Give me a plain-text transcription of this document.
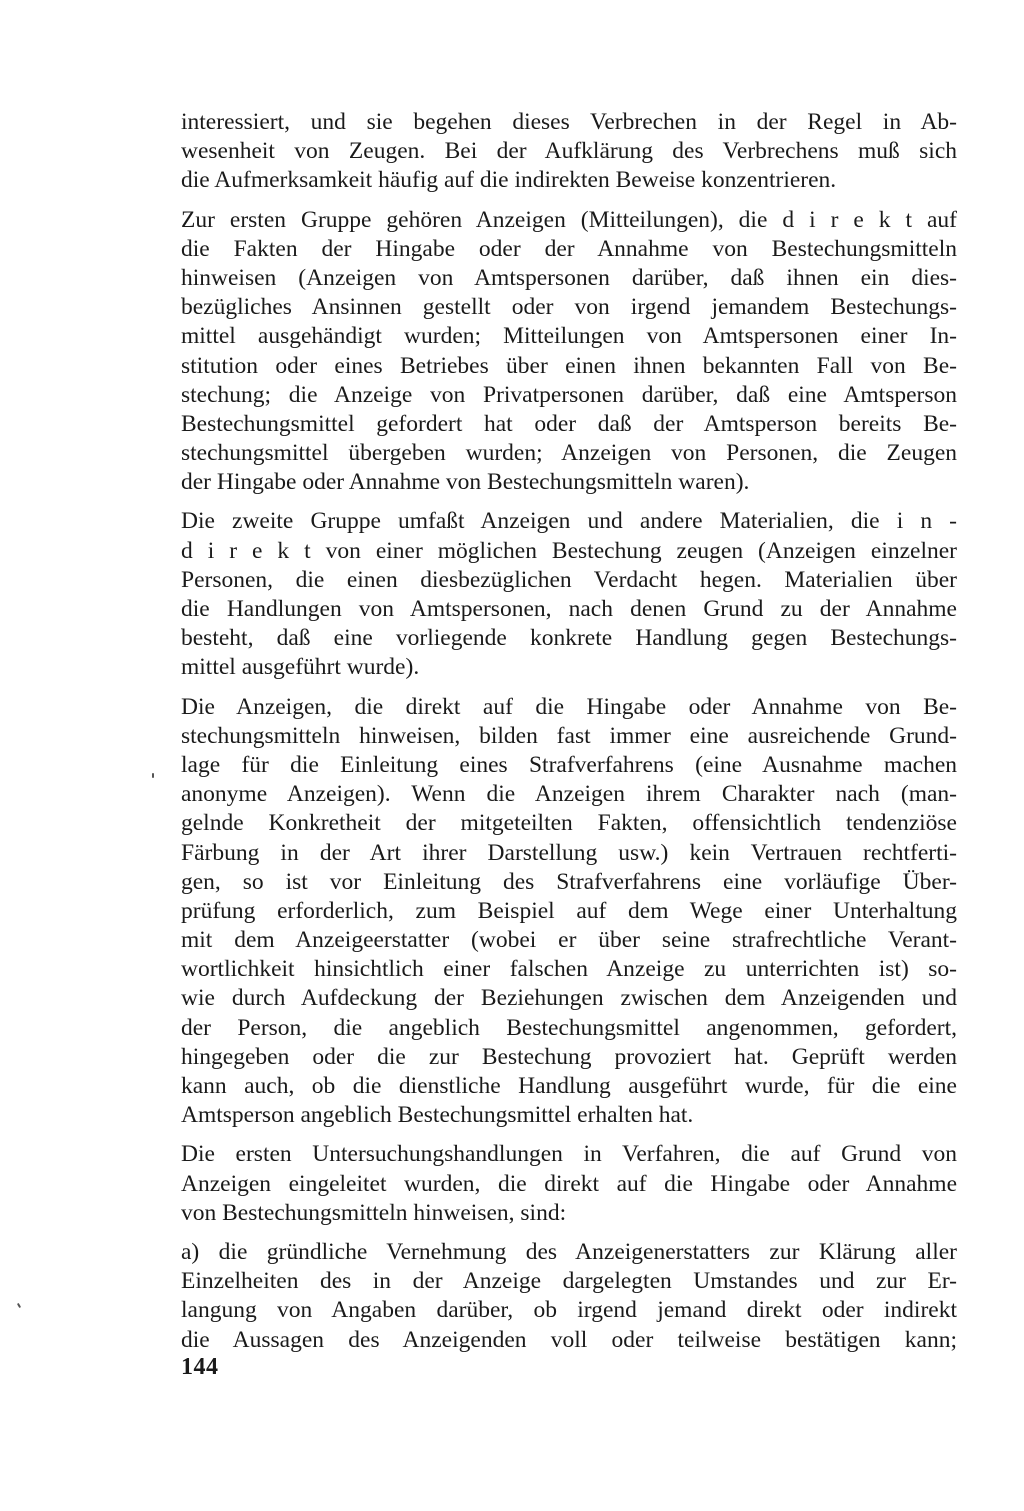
interessiert, und sie begehen dieses Verbrechen in der Regel in Ab-
wesenheit von Zeugen. Bei der Aufklärung des Verbrechens muß sich
die Aufmerksamkeit häufig auf die indirekten Beweise konzentrieren.

Zur ersten Gruppe gehören Anzeigen (Mitteilungen), die d i r e k t auf
die Fakten der Hingabe oder der Annahme von Bestechungsmitteln
hinweisen (Anzeigen von Amtspersonen darüber, daß ihnen ein dies-
bezügliches Ansinnen gestellt oder von irgend jemandem Bestechungs-
mittel ausgehändigt wurden; Mitteilungen von Amtspersonen einer In-
stitution oder eines Betriebes über einen ihnen bekannten Fall von Be-
stechung; die Anzeige von Privatpersonen darüber, daß eine Amtsperson
Bestechungsmittel gefordert hat oder daß der Amtsperson bereits Be-
stechungsmittel übergeben wurden; Anzeigen von Personen, die Zeugen
der Hingabe oder Annahme von Bestechungsmitteln waren).

Die zweite Gruppe umfaßt Anzeigen und andere Materialien, die i n -
d i r e k t von einer möglichen Bestechung zeugen (Anzeigen einzelner
Personen, die einen diesbezüglichen Verdacht hegen. Materialien über
die Handlungen von Amtspersonen, nach denen Grund zu der Annahme
besteht, daß eine vorliegende konkrete Handlung gegen Bestechungs-
mittel ausgeführt wurde).

Die Anzeigen, die direkt auf die Hingabe oder Annahme von Be-
stechungsmitteln hinweisen, bilden fast immer eine ausreichende Grund-
lage für die Einleitung eines Strafverfahrens (eine Ausnahme machen
anonyme Anzeigen). Wenn die Anzeigen ihrem Charakter nach (man-
gelnde Konkretheit der mitgeteilten Fakten, offensichtlich tendenziöse
Färbung in der Art ihrer Darstellung usw.) kein Vertrauen rechtferti-
gen, so ist vor Einleitung des Strafverfahrens eine vorläufige Über-
prüfung erforderlich, zum Beispiel auf dem Wege einer Unterhaltung
mit dem Anzeigeerstatter (wobei er über seine strafrechtliche Verant-
wortlichkeit hinsichtlich einer falschen Anzeige zu unterrichten ist) so-
wie durch Aufdeckung der Beziehungen zwischen dem Anzeigenden und
der Person, die angeblich Bestechungsmittel angenommen, gefordert,
hingegeben oder die zur Bestechung provoziert hat. Geprüft werden
kann auch, ob die dienstliche Handlung ausgeführt wurde, für die eine
Amtsperson angeblich Bestechungsmittel erhalten hat.

Die ersten Untersuchungshandlungen in Verfahren, die auf Grund von
Anzeigen eingeleitet wurden, die direkt auf die Hingabe oder Annahme
von Bestechungsmitteln hinweisen, sind:

a) die gründliche Vernehmung des Anzeigenerstatters zur Klärung aller
Einzelheiten des in der Anzeige dargelegten Umstandes und zur Er-
langung von Angaben darüber, ob irgend jemand direkt oder indirekt
die Aussagen des Anzeigenden voll oder teilweise bestätigen kann;

144
